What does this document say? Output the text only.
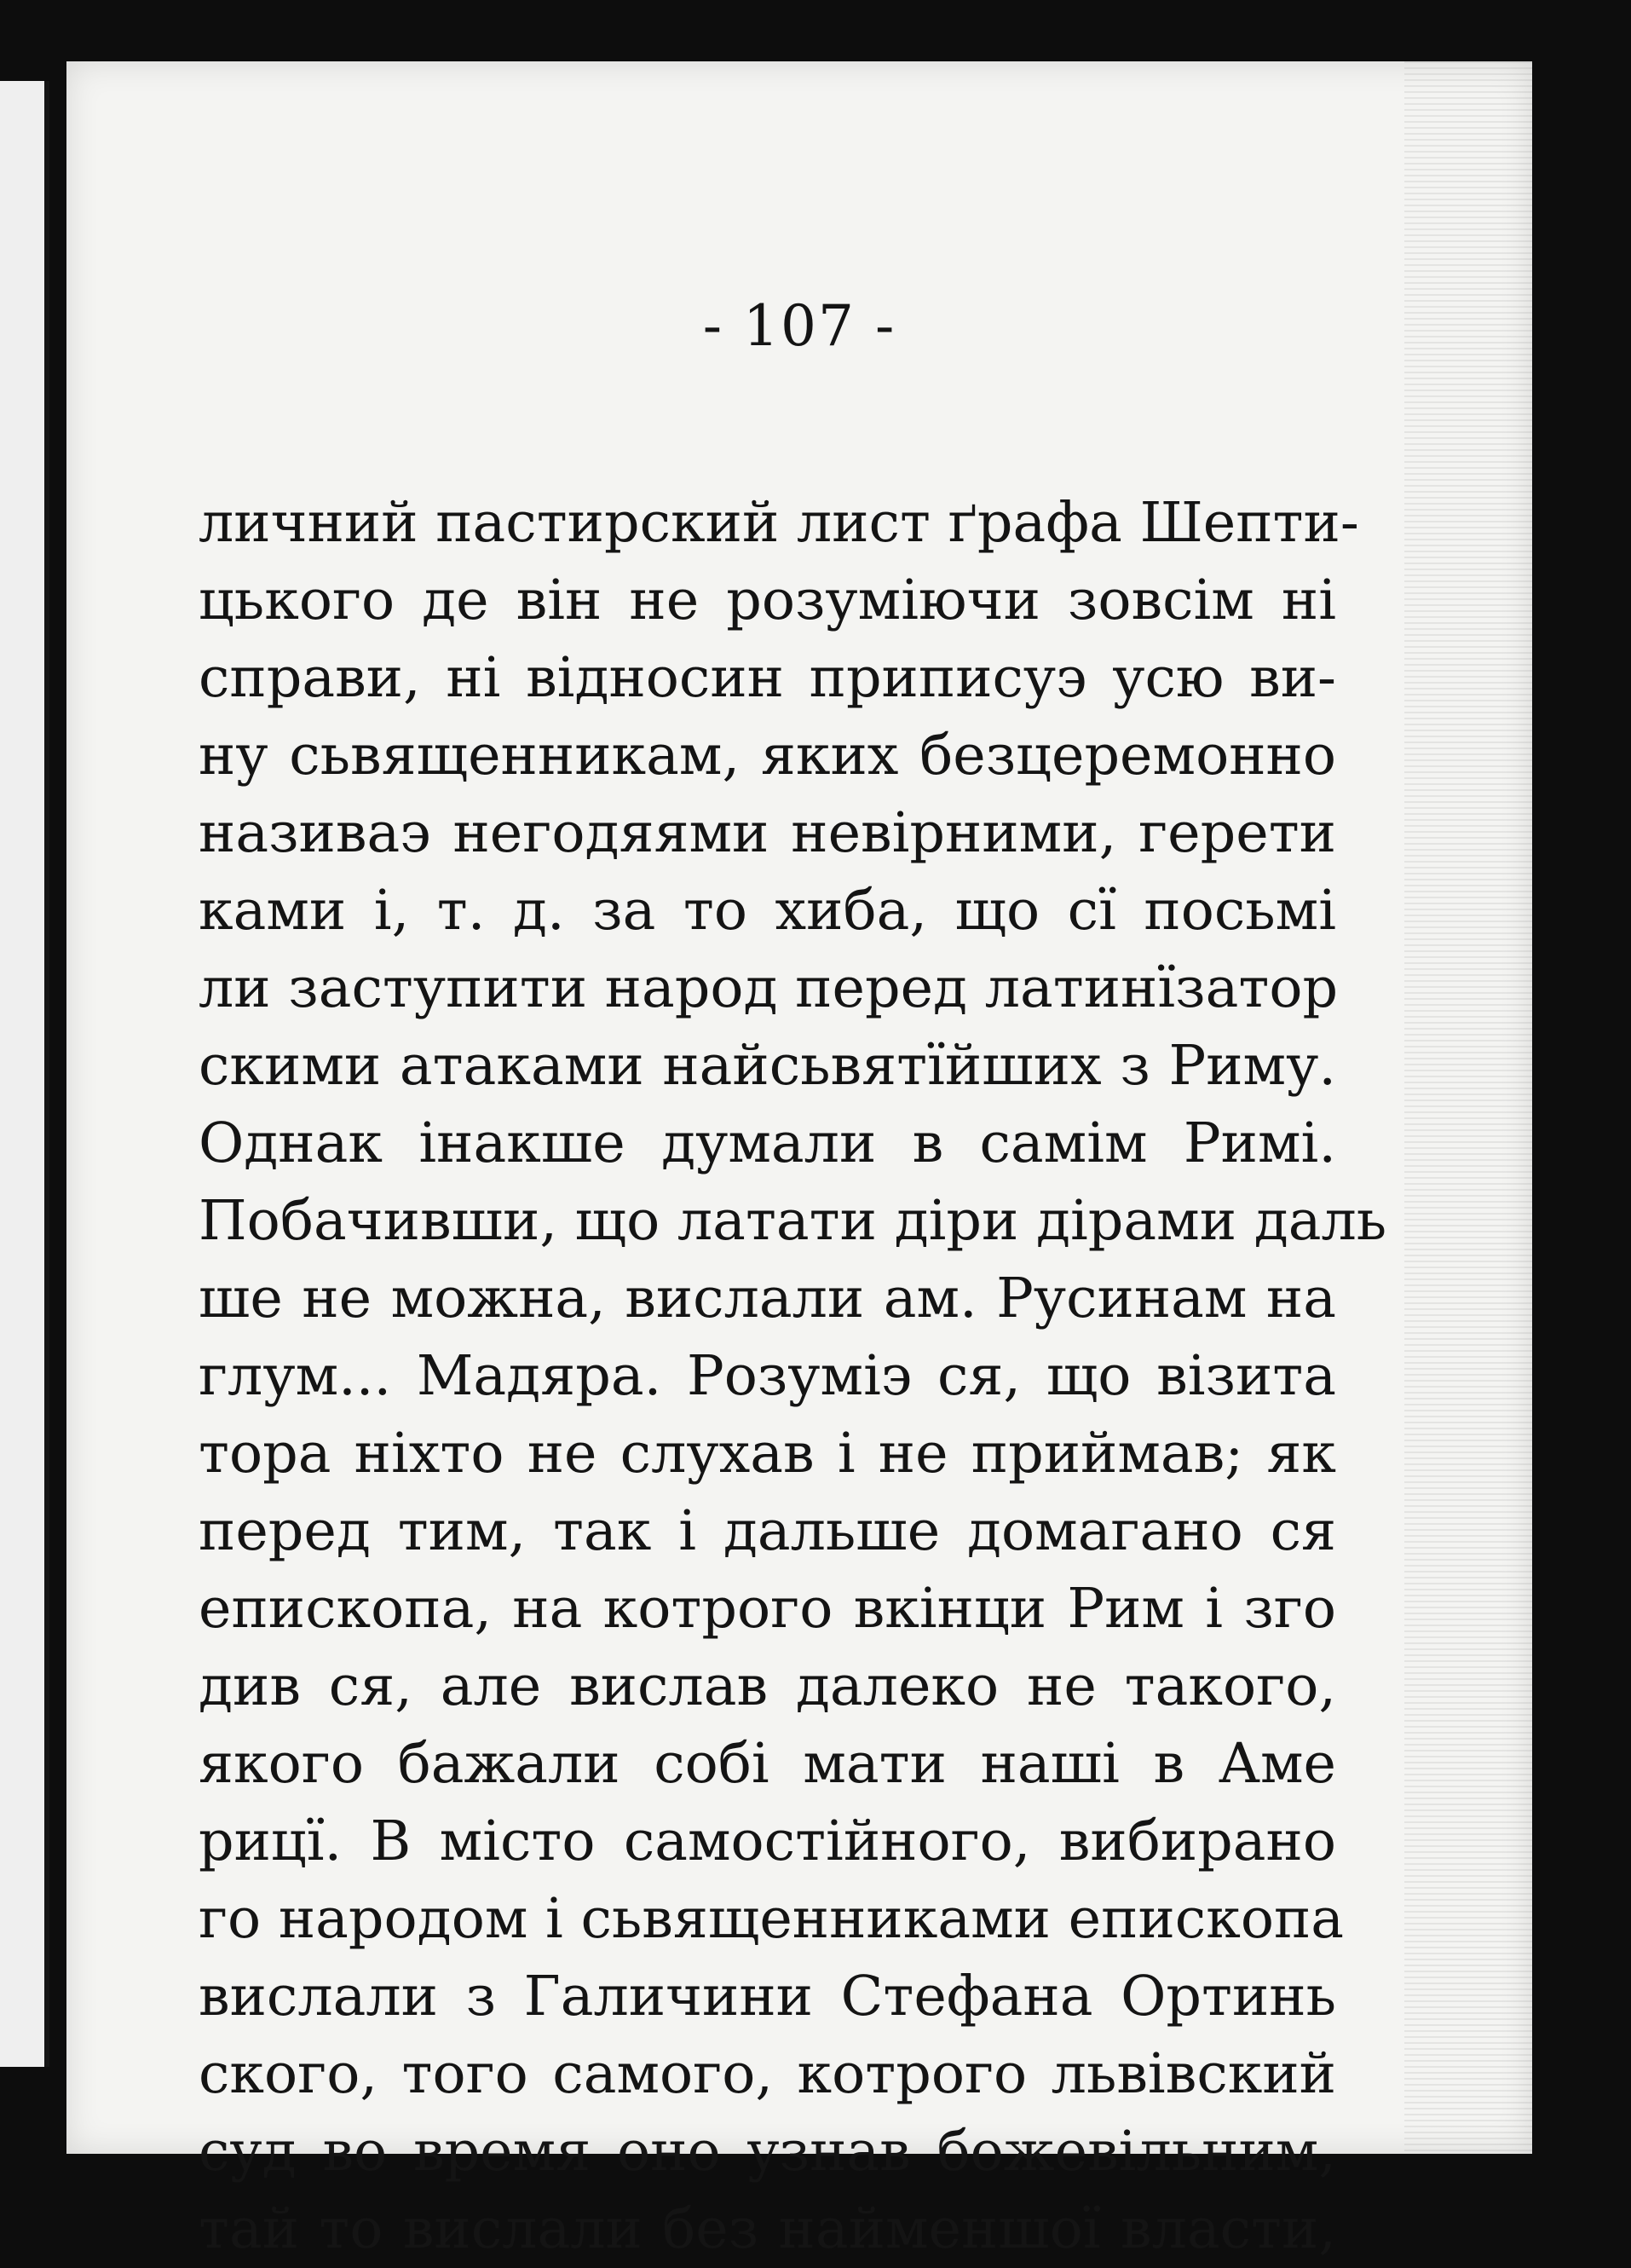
- 107 -
личний пастирский лист ґрафа Шепти-
цького де він не розуміючи зовсім ні
справи, ні відносин приписуэ усю ви-
ну сьвященникам, яких безцеремонно
називаэ негодяями невірними, герети
ками і, т. д. за то хиба, що сї посьмі
ли заступити народ перед латинїзатор
скими атаками найсьвятїйших з Риму.
Однак інакше думали в самім Римі.
Побачивши, що латати діри дірами даль
ше не можна, вислали ам. Русинам на
глум... Мадяра. Розуміэ ся, що візита
тора ніхто не слухав і не приймав; як
перед тим, так і дальше домагано ся
епископа, на котрого вкінци Рим і зго
див ся, але вислав далеко не такого,
якого бажали собі мати наші в Аме
рицї. В місто самостійного, вибирано
го народом і сьвященниками епископа
вислали з Галичини Стефана Ортинь
ского, того самого, котрого львівский
суд во время оно узнав божевільним,
тай то вислали без найменшої власти,
